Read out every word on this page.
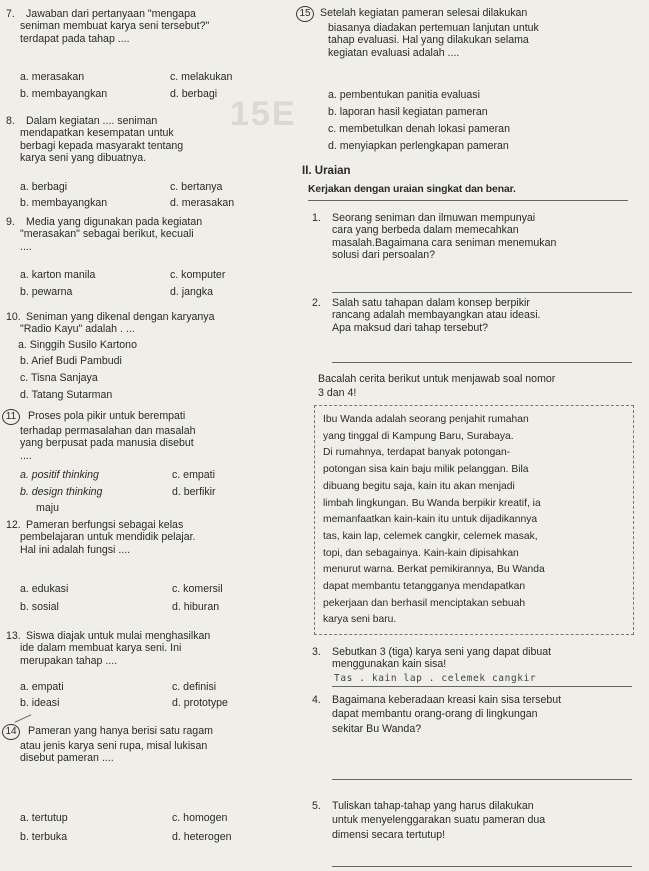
15E
7. Jawaban dari pertanyaan "mengapa
seniman membuat karya seni tersebut?"
terdapat pada tahap ....
a. merasakan
b. membayangkan
c. melakukan
d. berbagi
8. Dalam kegiatan .... seniman
mendapatkan kesempatan untuk
berbagi kepada masyarakt tentang
karya seni yang dibuatnya.
a. berbagi
b. membayangkan
c. bertanya
d. merasakan
9. Media yang digunakan pada kegiatan
"merasakan" sebagai berikut, kecuali
....
a. karton manila
b. pewarna
c. komputer
d. jangka
10. Seniman yang dikenal dengan karyanya
"Radio Kayu" adalah . ...
a. Singgih Susilo Kartono
b. Arief Budi Pambudi
c. Tisna Sanjaya
d. Tatang Sutarman
11 Proses pola pikir untuk berempati
terhadap permasalahan dan masalah
yang berpusat pada manusia disebut
....
a. positif thinking
b. design thinking
maju
c. empati
d. berfikir
12. Pameran berfungsi sebagai kelas
pembelajaran untuk mendidik pelajar.
Hal ini adalah fungsi ....
a. edukasi
b. sosial
c. komersil
d. hiburan
13. Siswa diajak untuk mulai menghasilkan
ide dalam membuat karya seni. Ini
merupakan tahap ....
a. empati
b. ideasi
c. definisi
d. prototype
14 Pameran yang hanya berisi satu ragam
atau jenis karya seni rupa, misal lukisan
disebut pameran ....
a. tertutup
b. terbuka
c. homogen
d. heterogen
15 Setelah kegiatan pameran selesai dilakukan
biasanya diadakan pertemuan lanjutan untuk
tahap evaluasi. Hal yang dilakukan selama
kegiatan evaluasi adalah ....
a. pembentukan panitia evaluasi
b. laporan hasil kegiatan pameran
c. membetulkan denah lokasi pameran
d. menyiapkan perlengkapan pameran
II. Uraian
Kerjakan dengan uraian singkat dan benar.
1. Seorang seniman dan ilmuwan mempunyai
cara yang berbeda dalam memecahkan
masalah.Bagaimana cara seniman menemukan
solusi dari persoalan?
2. Salah satu tahapan dalam konsep berpikir
rancang adalah membayangkan atau ideasi.
Apa maksud dari tahap tersebut?
Bacalah cerita berikut untuk menjawab soal nomor
3 dan 4!
Ibu Wanda adalah seorang penjahit rumahan
yang tinggal di Kampung Baru, Surabaya.
Di rumahnya, terdapat banyak potongan-
potongan sisa kain baju milik pelanggan. Bila
dibuang begitu saja, kain itu akan menjadi
limbah lingkungan. Bu Wanda berpikir kreatif, ia
memanfaatkan kain-kain itu untuk dijadikannya
tas, kain lap, celemek cangkir, celemek masak,
topi, dan sebagainya. Kain-kain dipisahkan
menurut warna. Berkat pemikirannya, Bu Wanda
dapat membantu tetangganya mendapatkan
pekerjaan dan berhasil menciptakan sebuah
karya seni baru.
3. Sebutkan 3 (tiga) karya seni yang dapat dibuat
menggunakan kain sisa!
Tas . kain lap . celemek cangkir
4. Bagaimana keberadaan kreasi kain sisa tersebut
dapat membantu orang-orang di lingkungan
sekitar Bu Wanda?
5. Tuliskan tahap-tahap yang harus dilakukan
untuk menyelenggarakan suatu pameran dua
dimensi secara tertutup!
